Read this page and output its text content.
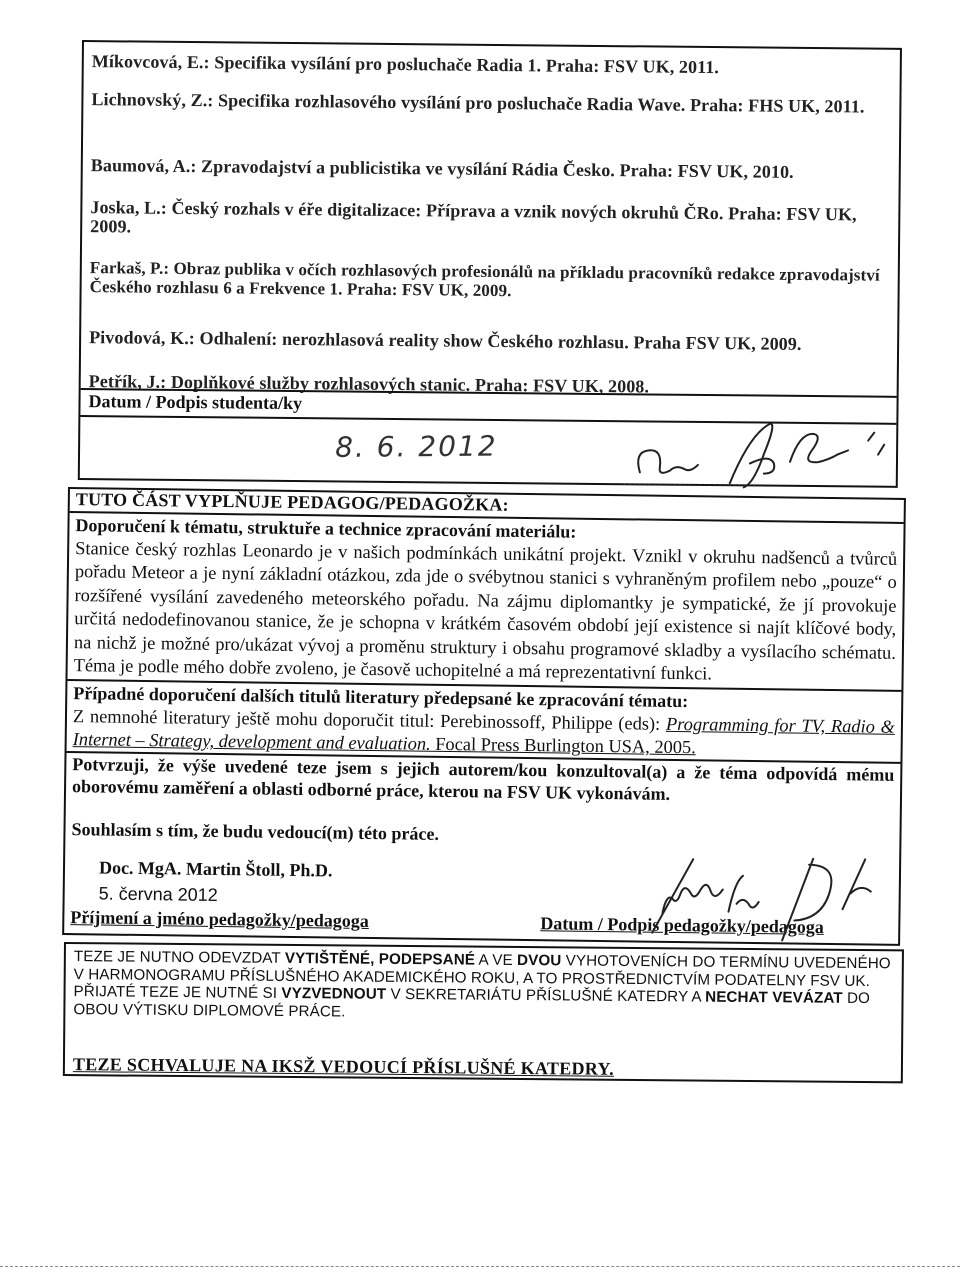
Míkovcová, E.: Specifika vysílání pro posluchače Radia 1. Praha: FSV UK, 2011.
Lichnovský, Z.: Specifika rozhlasového vysílání pro posluchače Radia Wave. Praha: FHS UK, 2011.
Baumová, A.: Zpravodajství a publicistika ve vysílání Rádia Česko. Praha: FSV UK, 2010.
Joska, L.: Český rozhals v éře digitalizace: Příprava a vznik nových okruhů ČRo. Praha: FSV UK, 2009.
Farkaš, P.: Obraz publika v očích rozhlasových profesionálů na příkladu pracovníků redakce zpravodajství Českého rozhlasu 6 a Frekvence 1. Praha: FSV UK, 2009.
Pivodová, K.: Odhalení: nerozhlasová reality show Českého rozhlasu. Praha FSV UK, 2009.
Petřík, J.: Doplňkové služby rozhlasových stanic. Praha: FSV UK, 2008.
Datum / Podpis studenta/ky
8. 6. 2012
TUTO ČÁST VYPLŇUJE PEDAGOG/PEDAGOŽKA:
Doporučení k tématu, struktuře a technice zpracování materiálu:
Stanice český rozhlas Leonardo je v našich podmínkách unikátní projekt. Vznikl v okruhu nadšenců a tvůrců pořadu Meteor a je nyní základní otázkou, zda jde o svébytnou stanici s vyhraněným profilem nebo „pouze“ o rozšířené vysílání zavedeného meteorského pořadu. Na zájmu diplomantky je sympatické, že jí provokuje určitá nedodefinovanou stanice, že je schopna v krátkém časovém období její existence si najít klíčové body, na nichž je možné pro/ukázat vývoj a proměnu struktury i obsahu programové skladby a vysílacího schématu. Téma je podle mého dobře zvoleno, je časově uchopitelné a má reprezentativní funkci.
Případné doporučení dalších titulů literatury předepsané ke zpracování tématu:
Z nemnohé literatury ještě mohu doporučit titul: Perebinossoff, Philippe (eds): Programming for TV, Radio & Internet – Strategy, development and evaluation. Focal Press Burlington USA, 2005.
Potvrzuji, že výše uvedené teze jsem s jejich autorem/kou konzultoval(a) a že téma odpovídá mému oborovému zaměření a oblasti odborné práce, kterou na FSV UK vykonávám.
Souhlasím s tím, že budu vedoucí(m) této práce.
Doc. MgA. Martin Štoll, Ph.D.
5. června 2012
Příjmení a jméno pedagožky/pedagoga	Datum / Podpis pedagožky/pedagoga
TEZE JE NUTNO ODEVZDAT VYTIŠTĚNÉ, PODEPSANÉ A VE DVOU VYHOTOVENÍCH DO TERMÍNU UVEDENÉHO V HARMONOGRAMU PŘÍSLUŠNÉHO AKADEMICKÉHO ROKU, A TO PROSTŘEDNICTVÍM PODATELNY FSV UK. PŘIJATÉ TEZE JE NUTNÉ SI VYZVEDNOUT V SEKRETARIÁTU PŘÍSLUŠNÉ KATEDRY A NECHAT VEVÁZAT DO OBOU VÝTISKU DIPLOMOVÉ PRÁCE.
TEZE SCHVALUJE NA IKSŽ VEDOUCÍ PŘÍSLUŠNÉ KATEDRY.
